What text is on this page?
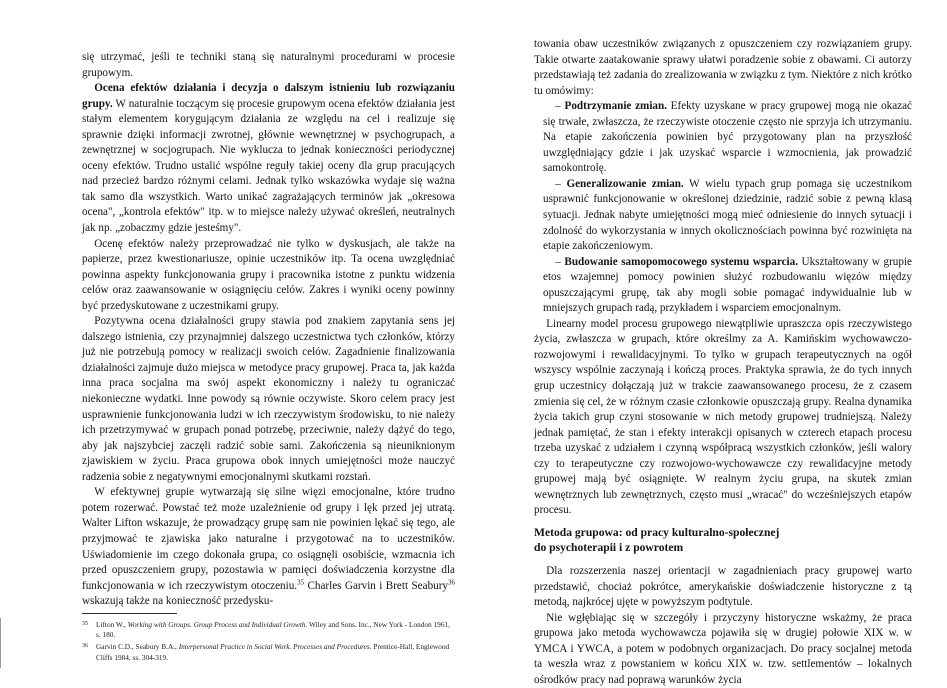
się utrzymać, jeśli te techniki staną się naturalnymi procedurami w procesie grupowym.

Ocena efektów działania i decyzja o dalszym istnieniu lub rozwiązaniu grupy. W naturalnie toczącym się procesie grupowym ocena efektów działania jest stałym elementem korygującym działania ze względu na cel i realizuje się sprawnie dzięki informacji zwrotnej, głównie wewnętrznej w psychogrupach, a zewnętrznej w socjogrupach. Nie wyklucza to jednak konieczności periodycznej oceny efektów. Trudno ustalić wspólne reguły takiej oceny dla grup pracujących nad przecież bardzo różnymi celami. Jednak tylko wskazówka wydaje się ważna tak samo dla wszystkich. Warto unikać zagrażających terminów jak „okresowa ocena", „kontrola efektów" itp. w to miejsce należy używać określeń, neutralnych jak np. „zobaczmy gdzie jesteśmy".

Ocenę efektów należy przeprowadzać nie tylko w dyskusjach, ale także na papierze, przez kwestionariusze, opinie uczestników itp. Ta ocena uwzględniać powinna aspekty funkcjonowania grupy i pracownika istotne z punktu widzenia celów oraz zaawansowanie w osiągnięciu celów. Zakres i wyniki oceny powinny być przedyskutowane z uczestnikami grupy.

Pozytywna ocena działalności grupy stawia pod znakiem zapytania sens jej dalszego istnienia, czy przynajmniej dalszego uczestnictwa tych członków, którzy już nie potrzebują pomocy w realizacji swoich celów. Zagadnienie finalizowania działalności zajmuje dużo miejsca w metodyce pracy grupowej. Praca ta, jak każda inna praca socjalna ma swój aspekt ekonomiczny i należy tu ograniczać niekonieczne wydatki. Inne powody są równie oczywiste. Skoro celem pracy jest usprawnienie funkcjonowania ludzi w ich rzeczywistym środowisku, to nie należy ich przetrzymywać w grupach ponad potrzebę, przeciwnie, należy dążyć do tego, aby jak najszybciej zaczęli radzić sobie sami. Zakończenia są nieuniknionym zjawiskiem w życiu. Praca grupowa obok innych umiejętności może nauczyć radzenia sobie z negatywnymi emocjonalnymi skutkami rozstań.

W efektywnej grupie wytwarzają się silne więzi emocjonalne, które trudno potem rozerwać. Powstać też może uzależnienie od grupy i lęk przed jej utratą. Walter Lifton wskazuje, że prowadzący grupę sam nie powinien lękać się tego, ale przyjmować te zjawiska jako naturalne i przygotować na to uczestników. Uświadomienie im czego dokonała grupa, co osiągnęli osobiście, wzmacnia ich przed opuszczeniem grupy, pozostawia w pamięci doświadczenia korzystne dla funkcjonowania w ich rzeczywistym otoczeniu.$^{35}$ Charles Garvin i Brett Seabury$^{36}$ wskazują także na konieczność przedysku-

35	Lifton W., Working with Groups. Group Process and Individual Growth. Wiley and Sons. Inc., New York - London 1961, s. 180.
36	Garvin C.D., Seabury B.A., Interpersonal Practice in Social Work. Processes and Procedures. Prentice-Hall, Englewood Cliffs 1984, ss. 304-319.

towania obaw uczestników związanych z opuszczeniem czy rozwiązaniem grupy. Takie otwarte zaatakowanie sprawy ułatwi poradzenie sobie z obawami. Ci autorzy przedstawiają też zadania do zrealizowania w związku z tym. Niektóre z nich krótko tu omówimy:

– Podtrzymanie zmian. Efekty uzyskane w pracy grupowej mogą nie okazać się trwałe, zwłaszcza, że rzeczywiste otoczenie często nie sprzyja ich utrzymaniu. Na etapie zakończenia powinien być przygotowany plan na przyszłość uwzględniający gdzie i jak uzyskać wsparcie i wzmocnienia, jak prowadzić samokontrolę.

– Generalizowanie zmian. W wielu typach grup pomaga się uczestnikom usprawnić funkcjonowanie w określonej dziedzinie, radzić sobie z pewną klasą sytuacji. Jednak nabyte umiejętności mogą mieć odniesienie do innych sytuacji i zdolność do wykorzystania w innych okolicznościach powinna być rozwinięta na etapie zakończeniowym.

– Budowanie samopomocowego systemu wsparcia. Ukształtowany w grupie etos wzajemnej pomocy powinien służyć rozbudowaniu więzów między opuszczającymi grupę, tak aby mogli sobie pomagać indywidualnie lub w mniejszych grupach radą, przykładem i wsparciem emocjonalnym.

Linearny model procesu grupowego niewątpliwie upraszcza opis rzeczywistego życia, zwłaszcza w grupach, które określmy za A. Kamińskim wychowawczo-rozwojowymi i rewalidacyjnymi. To tylko w grupach terapeutycznych na ogół wszyscy wspólnie zaczynają i kończą proces. Praktyka sprawia, że do tych innych grup uczestnicy dołączają już w trakcie zaawansowanego procesu, że z czasem zmienia się cel, że w różnym czasie członkowie opuszczają grupy. Realna dynamika życia takich grup czyni stosowanie w nich metody grupowej trudniejszą. Należy jednak pamiętać, że stan i efekty interakcji opisanych w czterech etapach procesu trzeba uzyskać z udziałem i czynną współpracą wszystkich członków, jeśli walory czy to terapeutyczne czy rozwojowo-wychowawcze czy rewalidacyjne metody grupowej mają być osiągnięte. W realnym życiu grupa, na skutek zmian wewnętrznych lub zewnętrznych, często musi „wracać" do wcześniejszych etapów procesu.

Metoda grupowa: od pracy kulturalno-społecznej
do psychoterapii i z powrotem

Dla rozszerzenia naszej orientacji w zagadnieniach pracy grupowej warto przedstawić, chociaż pokrótce, amerykańskie doświadczenie historyczne z tą metodą, najkrócej ujęte w powyższym podtytule.

Nie wgłębiając się w szczegóły i przyczyny historyczne wskażmy, że praca grupowa jako metoda wychowawcza pojawiła się w drugiej połowie XIX w. w YMCA i YWCA, a potem w podobnych organizacjach. Do pracy socjalnej metoda ta weszła wraz z powstaniem w końcu XIX w. tzw. settlementów – lokalnych ośrodków pracy nad poprawą warunków życia
